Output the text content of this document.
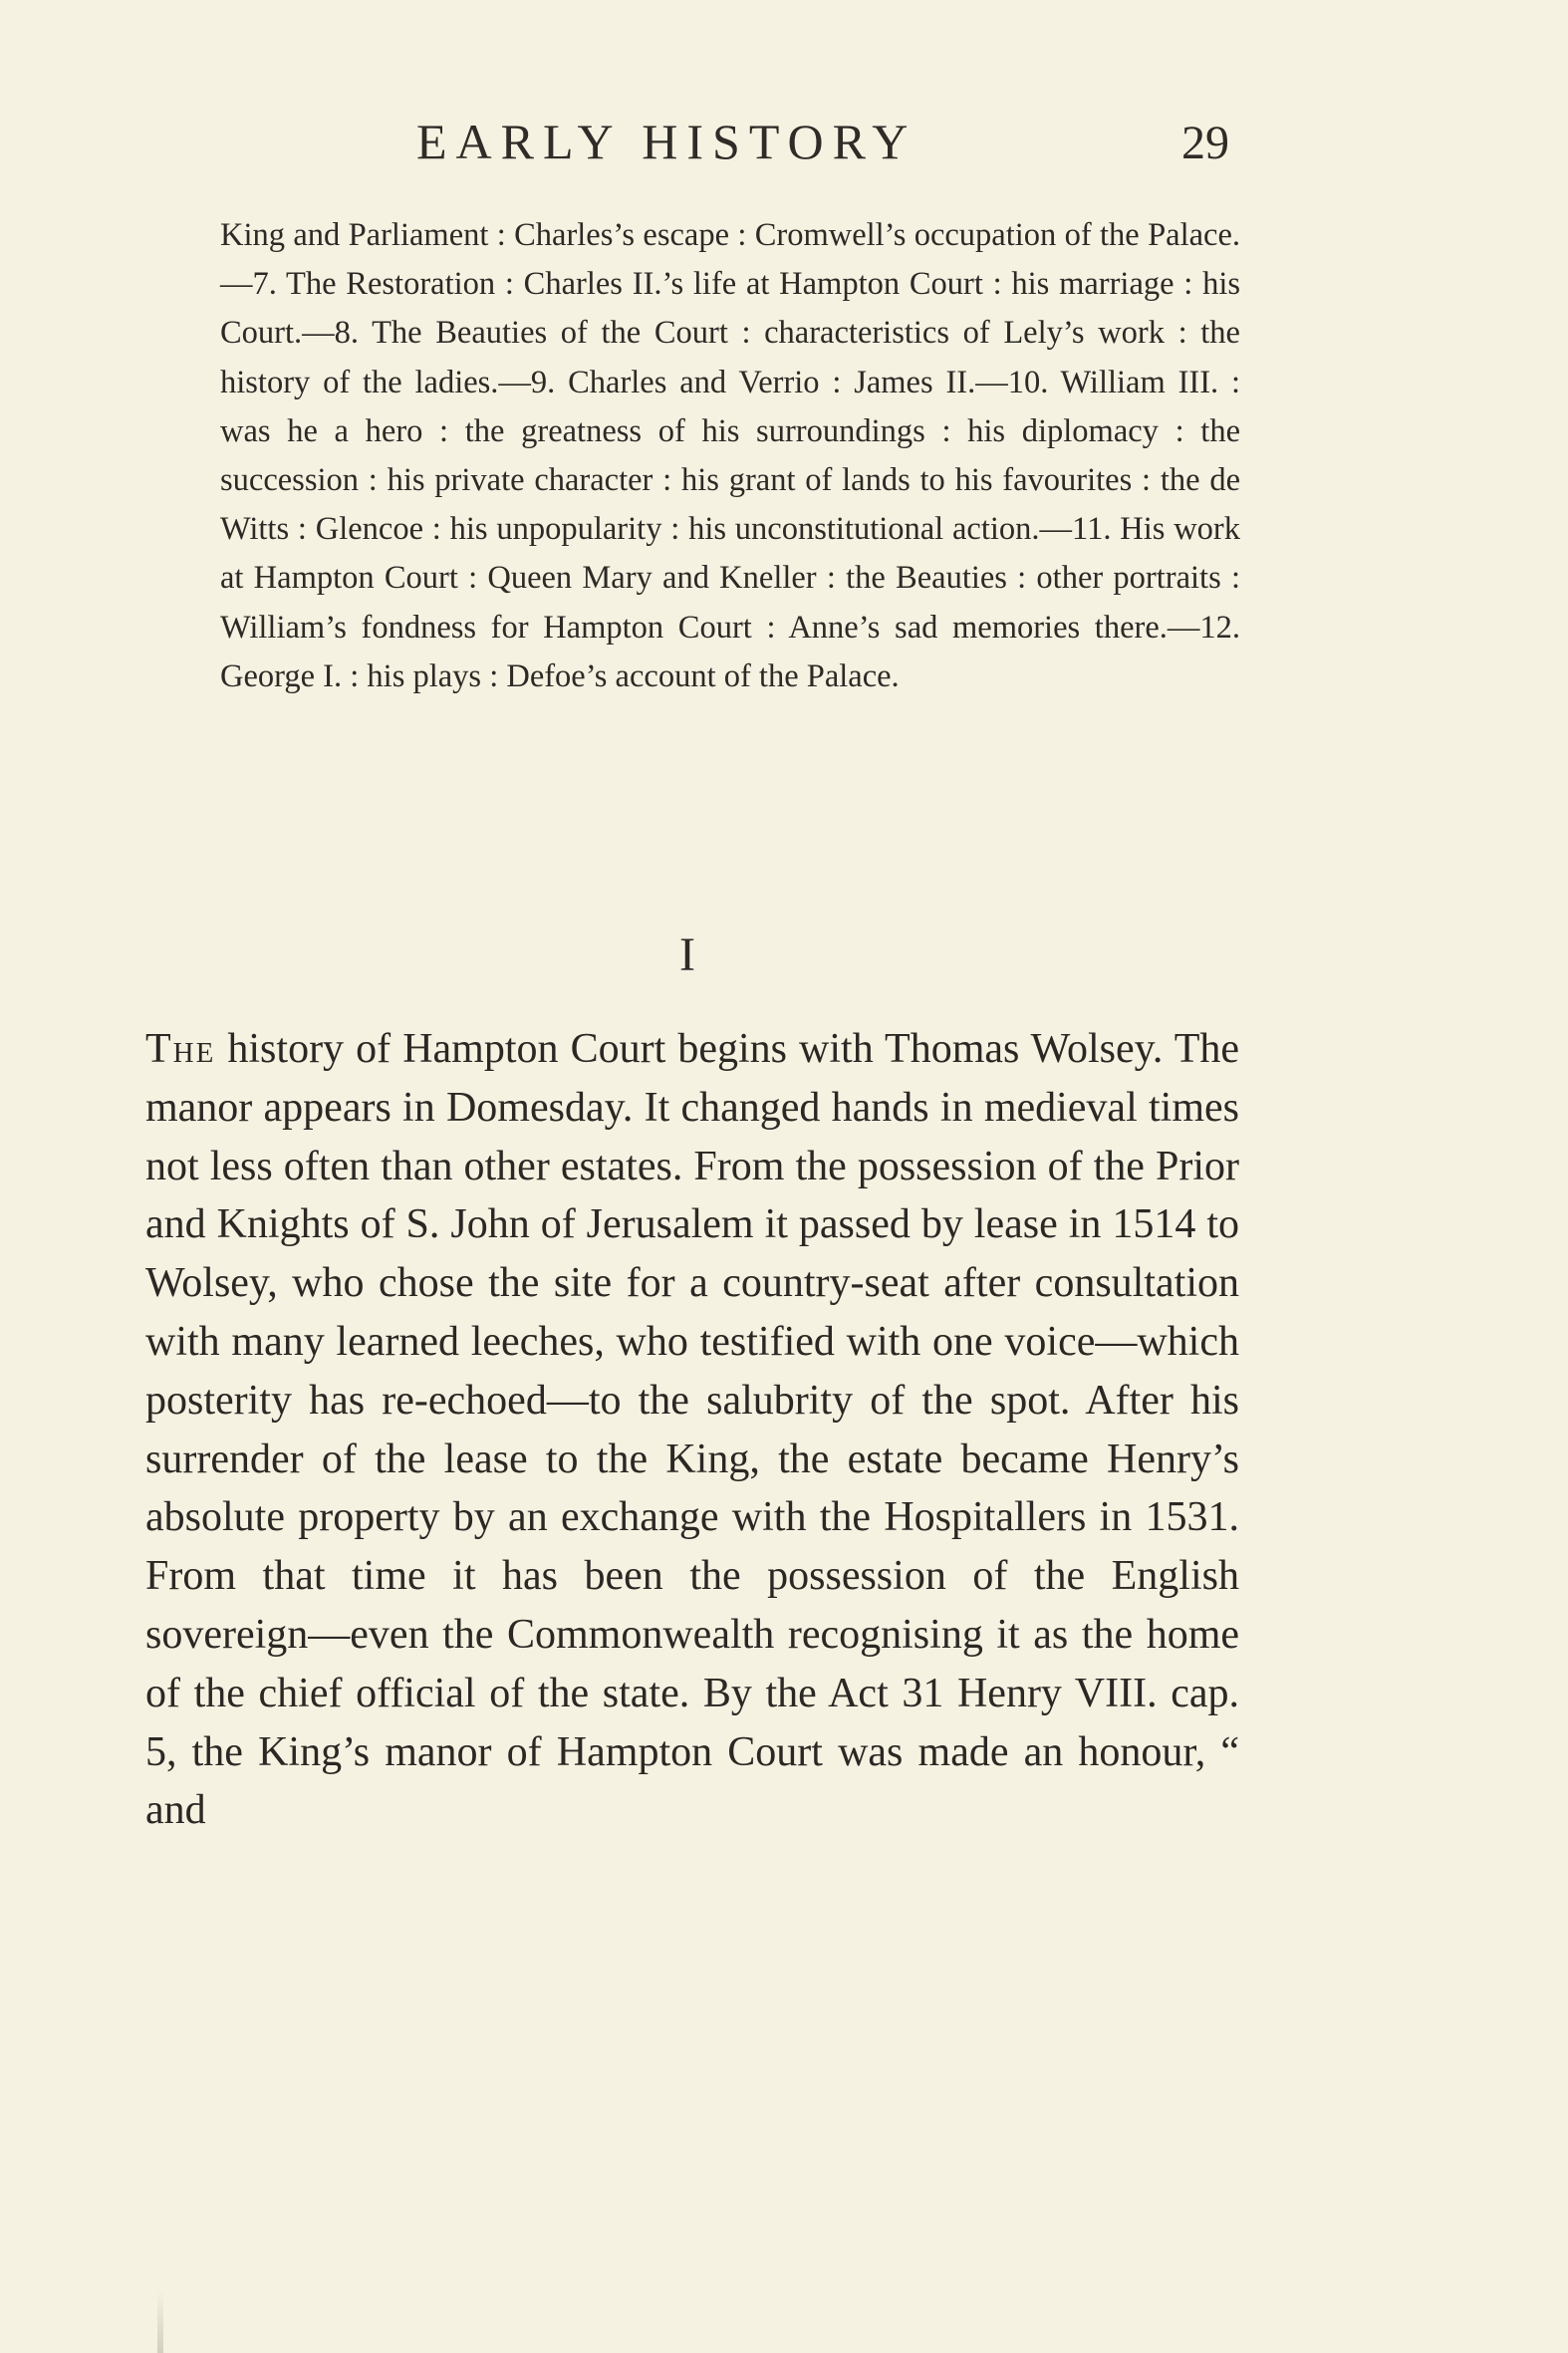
EARLY HISTORY	29

King and Parliament : Charles’s escape : Cromwell’s occupation of the Palace.—7. The Restoration : Charles II.’s life at Hampton Court : his marriage : his Court.—8. The Beauties of the Court : characteristics of Lely’s work : the history of the ladies.—9. Charles and Verrio : James II.—10. William III. : was he a hero : the greatness of his surroundings : his diplomacy : the succession : his private character : his grant of lands to his favourites : the de Witts : Glencoe : his unpopularity : his unconstitutional action.—11. His work at Hampton Court : Queen Mary and Kneller : the Beauties : other portraits : William’s fondness for Hampton Court : Anne’s sad memories there.—12. George I. : his plays : Defoe’s account of the Palace.

I

The history of Hampton Court begins with Thomas Wolsey. The manor appears in Domesday. It changed hands in medieval times not less often than other estates. From the possession of the Prior and Knights of S. John of Jerusalem it passed by lease in 1514 to Wolsey, who chose the site for a country-seat after consultation with many learned leeches, who testified with one voice—which posterity has re-echoed—to the salubrity of the spot. After his surrender of the lease to the King, the estate became Henry’s absolute property by an exchange with the Hospitallers in 1531. From that time it has been the possession of the English sovereign—even the Commonwealth recognising it as the home of the chief official of the state. By the Act 31 Henry VIII. cap. 5, the King’s manor of Hampton Court was made an honour, “ and
